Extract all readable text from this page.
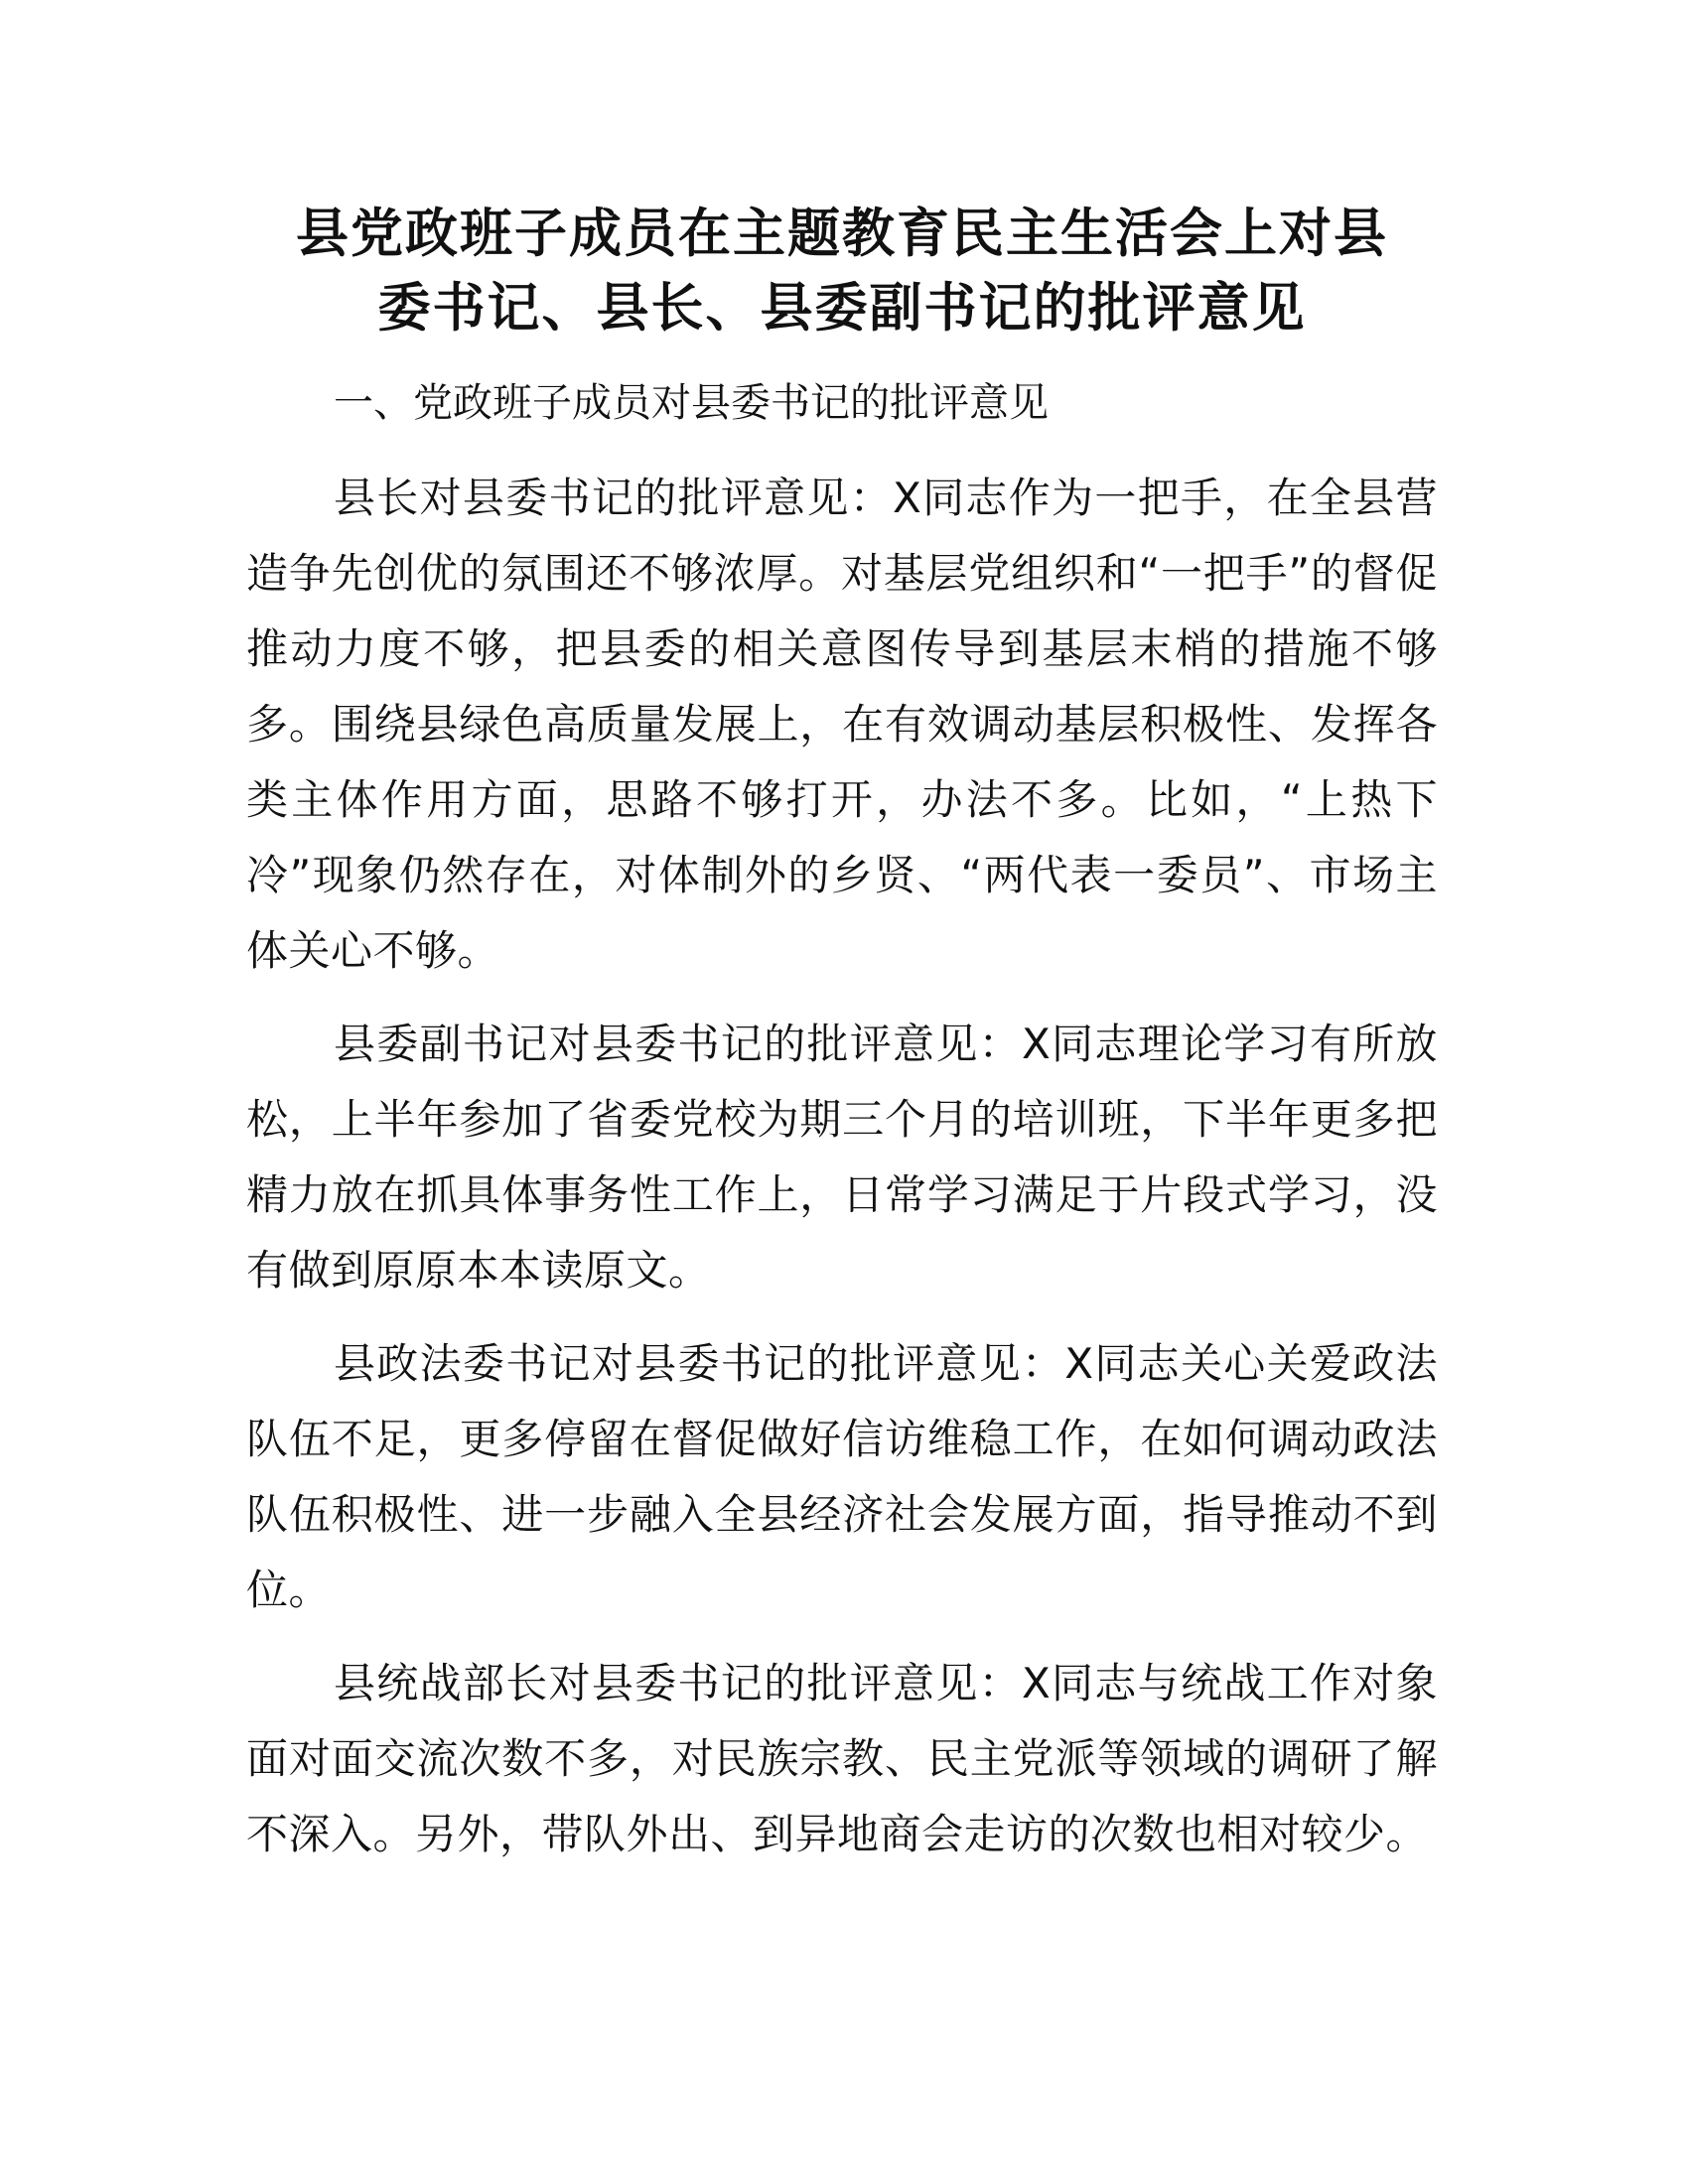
县党政班子成员在主题教育民主生活会上对县
委书记、县长、县委副书记的批评意见

一、党政班子成员对县委书记的批评意见

县长对县委书记的批评意见：X同志作为一把手，在全县营造争先创优的氛围还不够浓厚。对基层党组织和“一把手”的督促推动力度不够，把县委的相关意图传导到基层末梢的措施不够多。围绕县绿色高质量发展上，在有效调动基层积极性、发挥各类主体作用方面，思路不够打开，办法不多。比如，“上热下冷”现象仍然存在，对体制外的乡贤、“两代表一委员”、市场主体关心不够。

县委副书记对县委书记的批评意见：X同志理论学习有所放松，上半年参加了省委党校为期三个月的培训班，下半年更多把精力放在抓具体事务性工作上，日常学习满足于片段式学习，没有做到原原本本读原文。

县政法委书记对县委书记的批评意见：X同志关心关爱政法队伍不足，更多停留在督促做好信访维稳工作，在如何调动政法队伍积极性、进一步融入全县经济社会发展方面，指导推动不到位。

县统战部长对县委书记的批评意见：X同志与统战工作对象面对面交流次数不多，对民族宗教、民主党派等领域的调研了解不深入。另外，带队外出、到异地商会走访的次数也相对较少。
